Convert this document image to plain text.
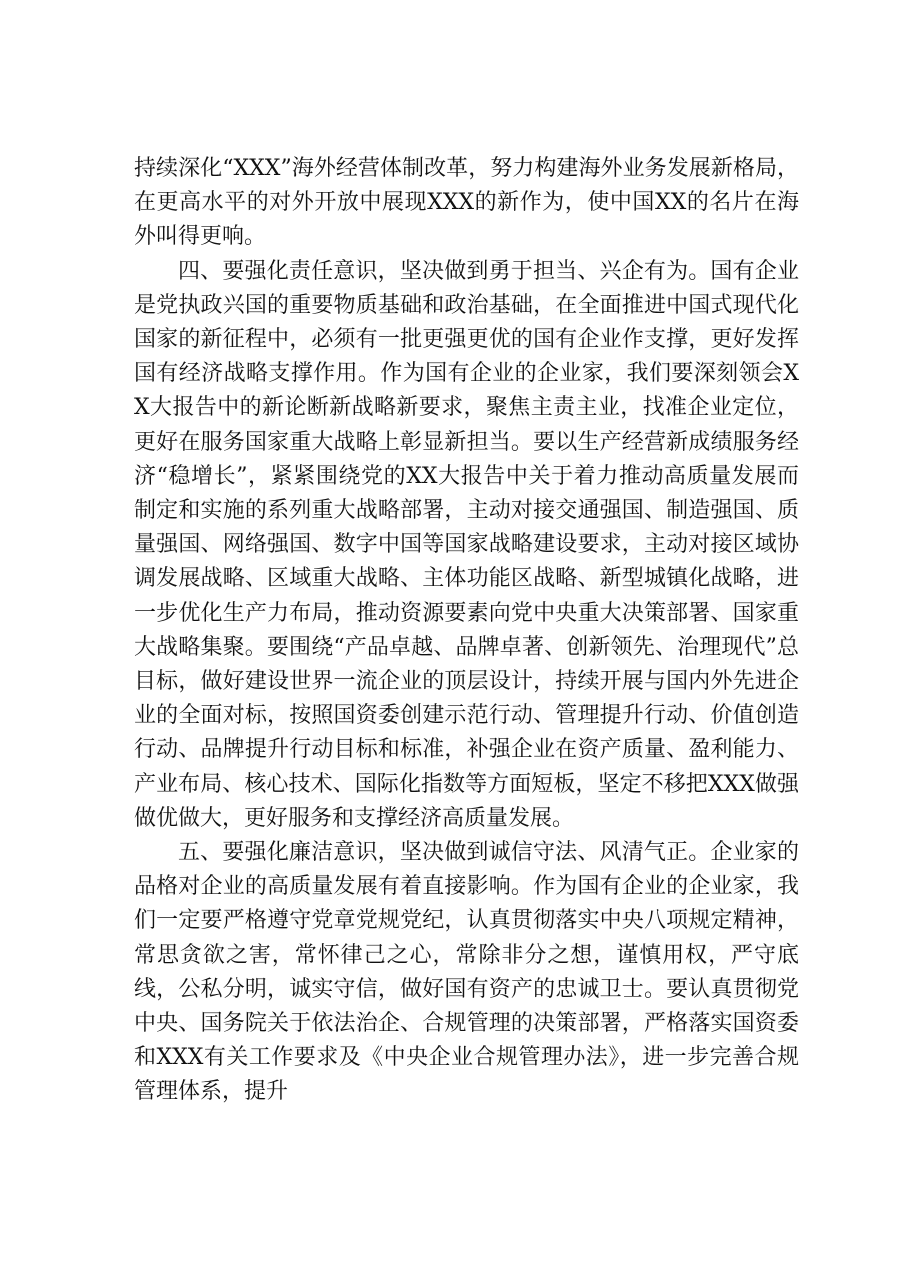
持续深化“XXX”海外经营体制改革，努力构建海外业务发展新格局，在更高水平的对外开放中展现XXX的新作为，使中国XX的名片在海外叫得更响。

四、要强化责任意识，坚决做到勇于担当、兴企有为。国有企业是党执政兴国的重要物质基础和政治基础，在全面推进中国式现代化国家的新征程中，必须有一批更强更优的国有企业作支撑，更好发挥国有经济战略支撑作用。作为国有企业的企业家，我们要深刻领会XX大报告中的新论断新战略新要求，聚焦主责主业，找准企业定位，更好在服务国家重大战略上彰显新担当。要以生产经营新成绩服务经济“稳增长”，紧紧围绕党的XX大报告中关于着力推动高质量发展而制定和实施的系列重大战略部署，主动对接交通强国、制造强国、质量强国、网络强国、数字中国等国家战略建设要求，主动对接区域协调发展战略、区域重大战略、主体功能区战略、新型城镇化战略，进一步优化生产力布局，推动资源要素向党中央重大决策部署、国家重大战略集聚。要围绕“产品卓越、品牌卓著、创新领先、治理现代”总目标，做好建设世界一流企业的顶层设计，持续开展与国内外先进企业的全面对标，按照国资委创建示范行动、管理提升行动、价值创造行动、品牌提升行动目标和标准，补强企业在资产质量、盈利能力、产业布局、核心技术、国际化指数等方面短板，坚定不移把XXX做强做优做大，更好服务和支撑经济高质量发展。

五、要强化廉洁意识，坚决做到诚信守法、风清气正。企业家的品格对企业的高质量发展有着直接影响。作为国有企业的企业家，我们一定要严格遵守党章党规党纪，认真贯彻落实中央八项规定精神，常思贪欲之害，常怀律己之心，常除非分之想，谨慎用权，严守底线，公私分明，诚实守信，做好国有资产的忠诚卫士。要认真贯彻党中央、国务院关于依法治企、合规管理的决策部署，严格落实国资委和XXX有关工作要求及《中央企业合规管理办法》，进一步完善合规管理体系，提升
